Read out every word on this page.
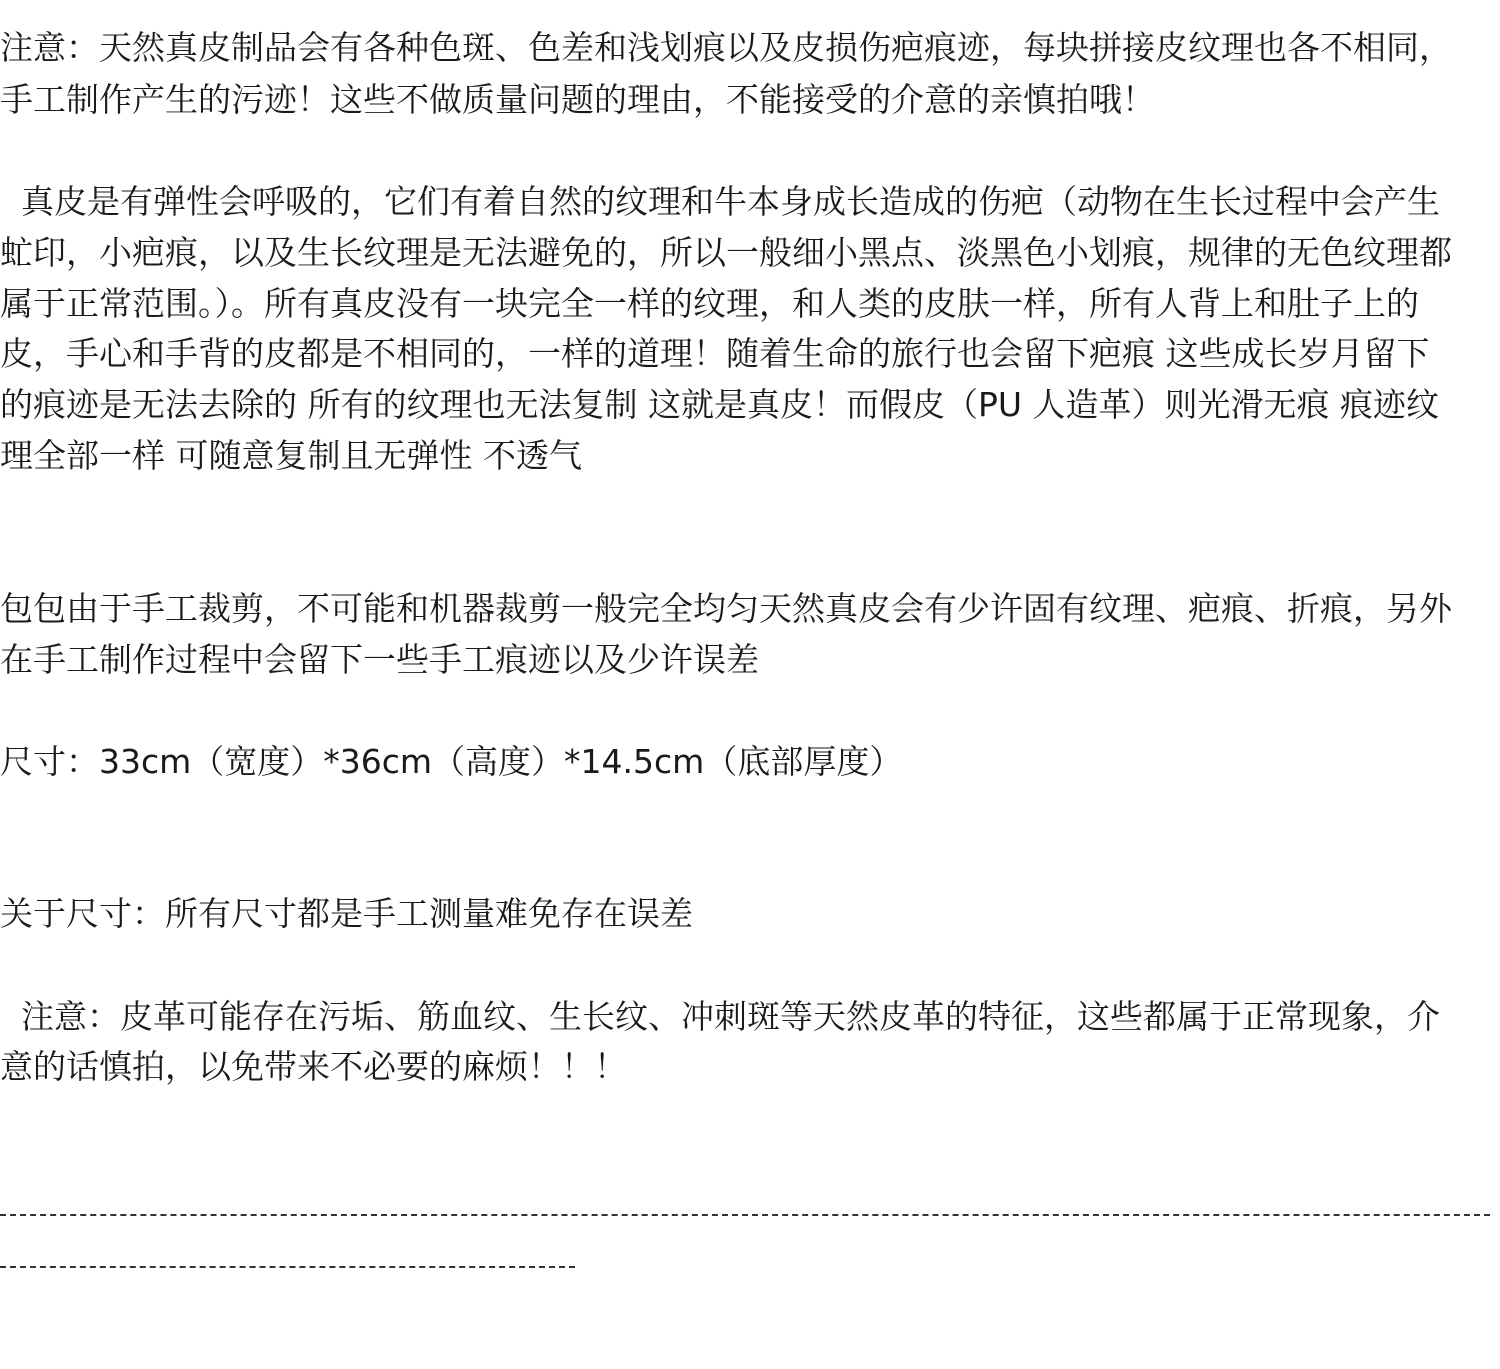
注意：天然真皮制品会有各种色斑、色差和浅划痕以及皮损伤疤痕迹，每块拼接皮纹理也各不相同，
手工制作产生的污迹！这些不做质量问题的理由，不能接受的介意的亲慎拍哦！
真皮是有弹性会呼吸的，它们有着自然的纹理和牛本身成长造成的伤疤（动物在生长过程中会产生
虻印，小疤痕，以及生长纹理是无法避免的，所以一般细小黑点、淡黑色小划痕，规律的无色纹理都
属于正常范围。）。所有真皮没有一块完全一样的纹理，和人类的皮肤一样，所有人背上和肚子上的
皮，手心和手背的皮都是不相同的，一样的道理！随着生命的旅行也会留下疤痕 这些成长岁月留下
的痕迹是无法去除的 所有的纹理也无法复制 这就是真皮！而假皮（PU 人造革）则光滑无痕 痕迹纹
理全部一样 可随意复制且无弹性 不透气
包包由于手工裁剪，不可能和机器裁剪一般完全均匀天然真皮会有少许固有纹理、疤痕、折痕，另外
在手工制作过程中会留下一些手工痕迹以及少许误差
尺寸：33cm（宽度）*36cm（高度）*14.5cm（底部厚度）
关于尺寸：所有尺寸都是手工测量难免存在误差
注意：皮革可能存在污垢、筋血纹、生长纹、冲刺斑等天然皮革的特征，这些都属于正常现象，介
意的话慎拍，以免带来不必要的麻烦！！！
